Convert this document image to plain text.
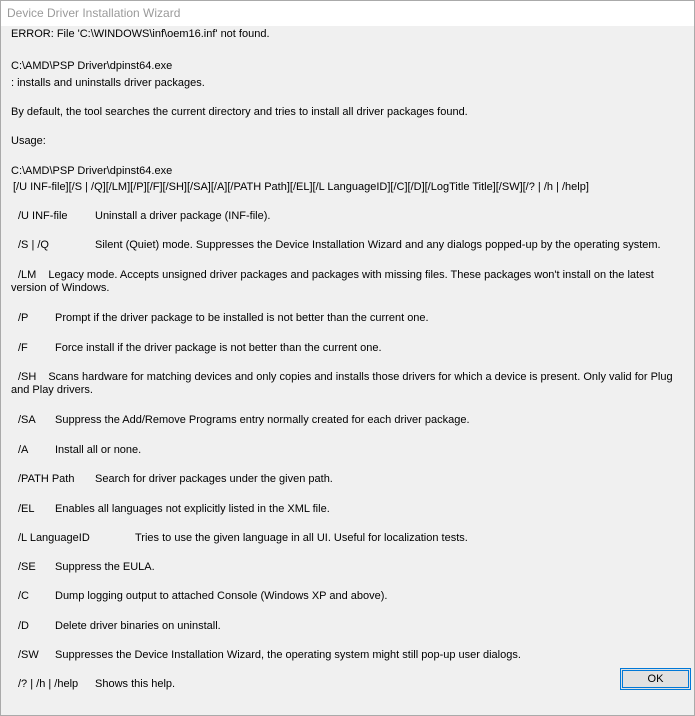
Device Driver Installation Wizard
ERROR: File 'C:\WINDOWS\inf\oem16.inf' not found.
C:\AMD\PSP Driver\dpinst64.exe
: installs and uninstalls driver packages.
By default, the tool searches the current directory and tries to install all driver packages found.
Usage:
C:\AMD\PSP Driver\dpinst64.exe
[/U INF-file][/S | /Q][/LM][/P][/F][/SH][/SA][/A][/PATH Path][/EL][/L LanguageID][/C][/D][/LogTitle Title][/SW][/? | /h | /help]
/U INF-file	Uninstall a driver package (INF-file).
/S | /Q	Silent (Quiet) mode. Suppresses the Device Installation Wizard and any dialogs popped-up by the operating system.
/LM Legacy mode. Accepts unsigned driver packages and packages with missing files. These packages won't install on the latest version of Windows.
/P Prompt if the driver package to be installed is not better than the current one.
/F Force install if the driver package is not better than the current one.
/SH Scans hardware for matching devices and only copies and installs those drivers for which a device is present. Only valid for Plug and Play drivers.
/SA Suppress the Add/Remove Programs entry normally created for each driver package.
/A Install all or none.
/PATH Path Search for driver packages under the given path.
/EL Enables all languages not explicitly listed in the XML file.
/L LanguageID	Tries to use the given language in all UI. Useful for localization tests.
/SE Suppress the EULA.
/C Dump logging output to attached Console (Windows XP and above).
/D Delete driver binaries on uninstall.
/SW Suppresses the Device Installation Wizard, the operating system might still pop-up user dialogs.
/? | /h | /help Shows this help.	OK
